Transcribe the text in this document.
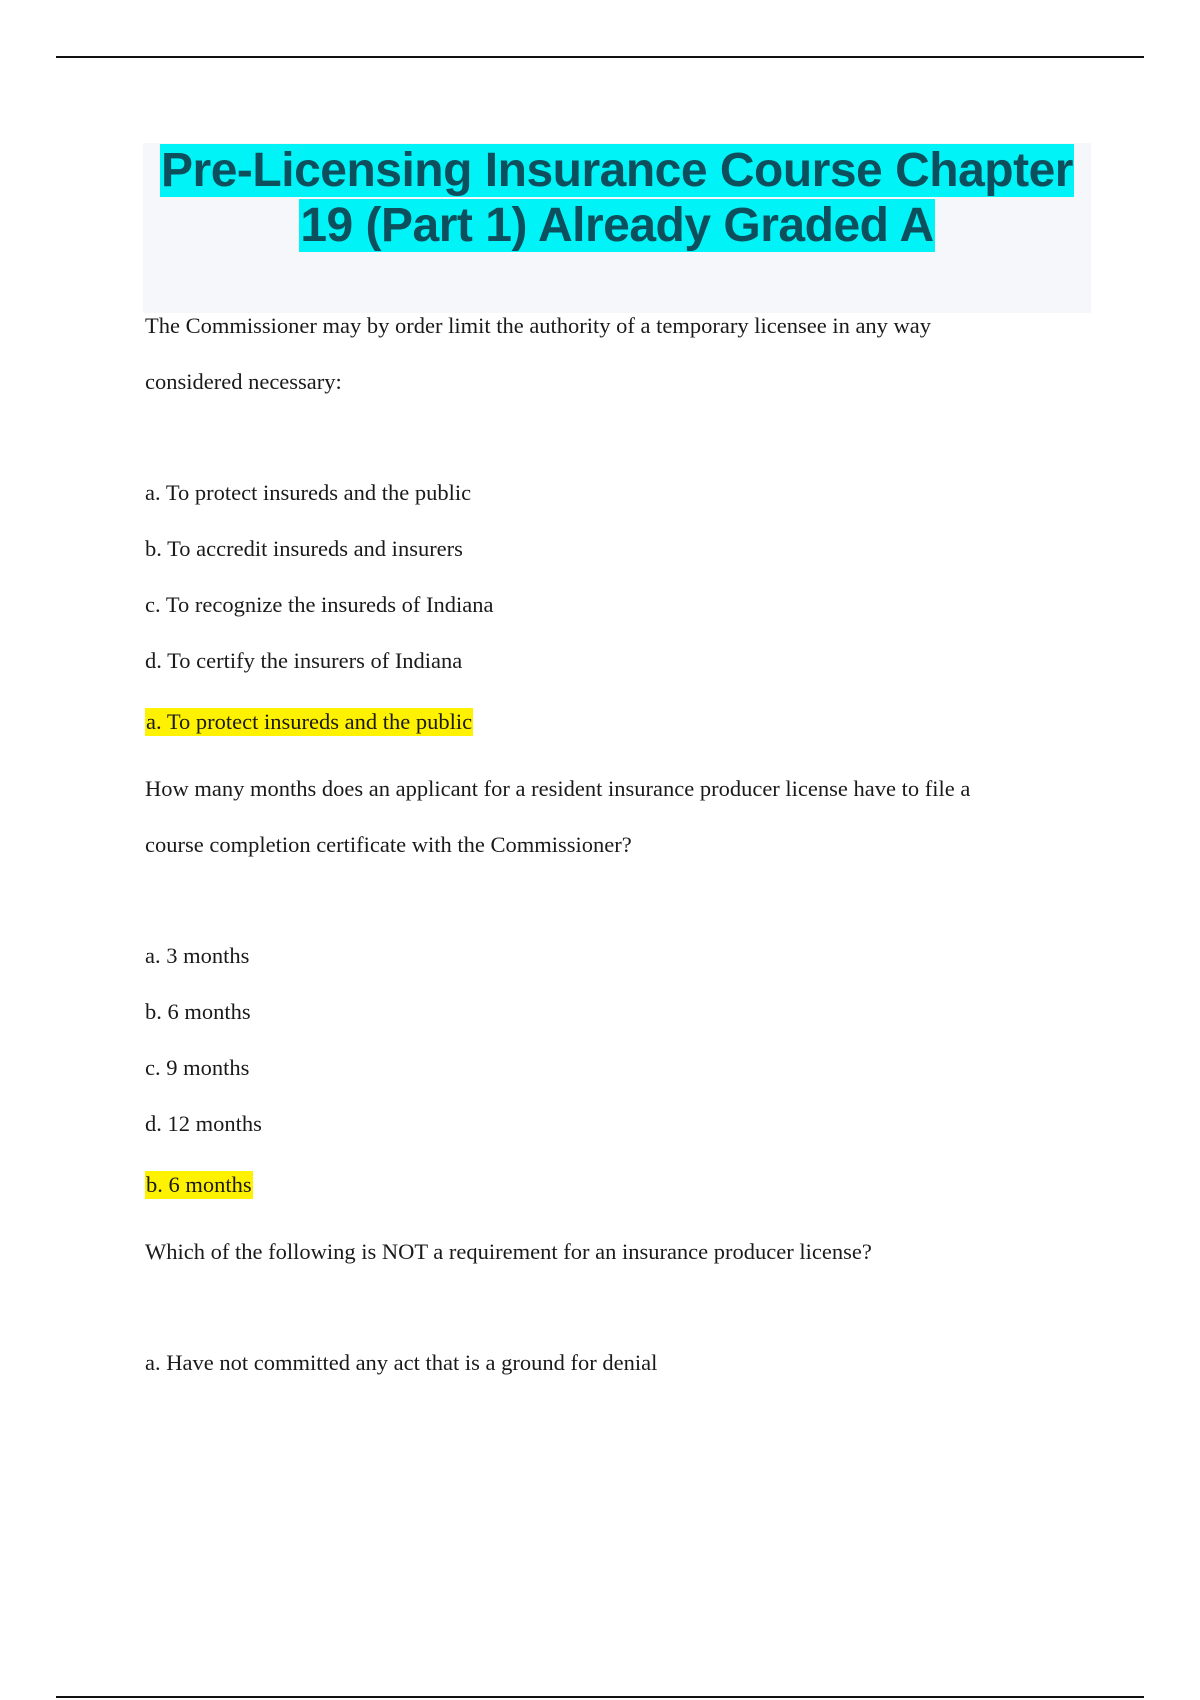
Pre-Licensing Insurance Course Chapter
19 (Part 1) Already Graded A

The Commissioner may by order limit the authority of a temporary licensee in any way

considered necessary:

a. To protect insureds and the public

b. To accredit insureds and insurers

c. To recognize the insureds of Indiana

d. To certify the insurers of Indiana

a. To protect insureds and the public

How many months does an applicant for a resident insurance producer license have to file a

course completion certificate with the Commissioner?

a. 3 months

b. 6 months

c. 9 months

d. 12 months

b. 6 months

Which of the following is NOT a requirement for an insurance producer license?

a. Have not committed any act that is a ground for denial
